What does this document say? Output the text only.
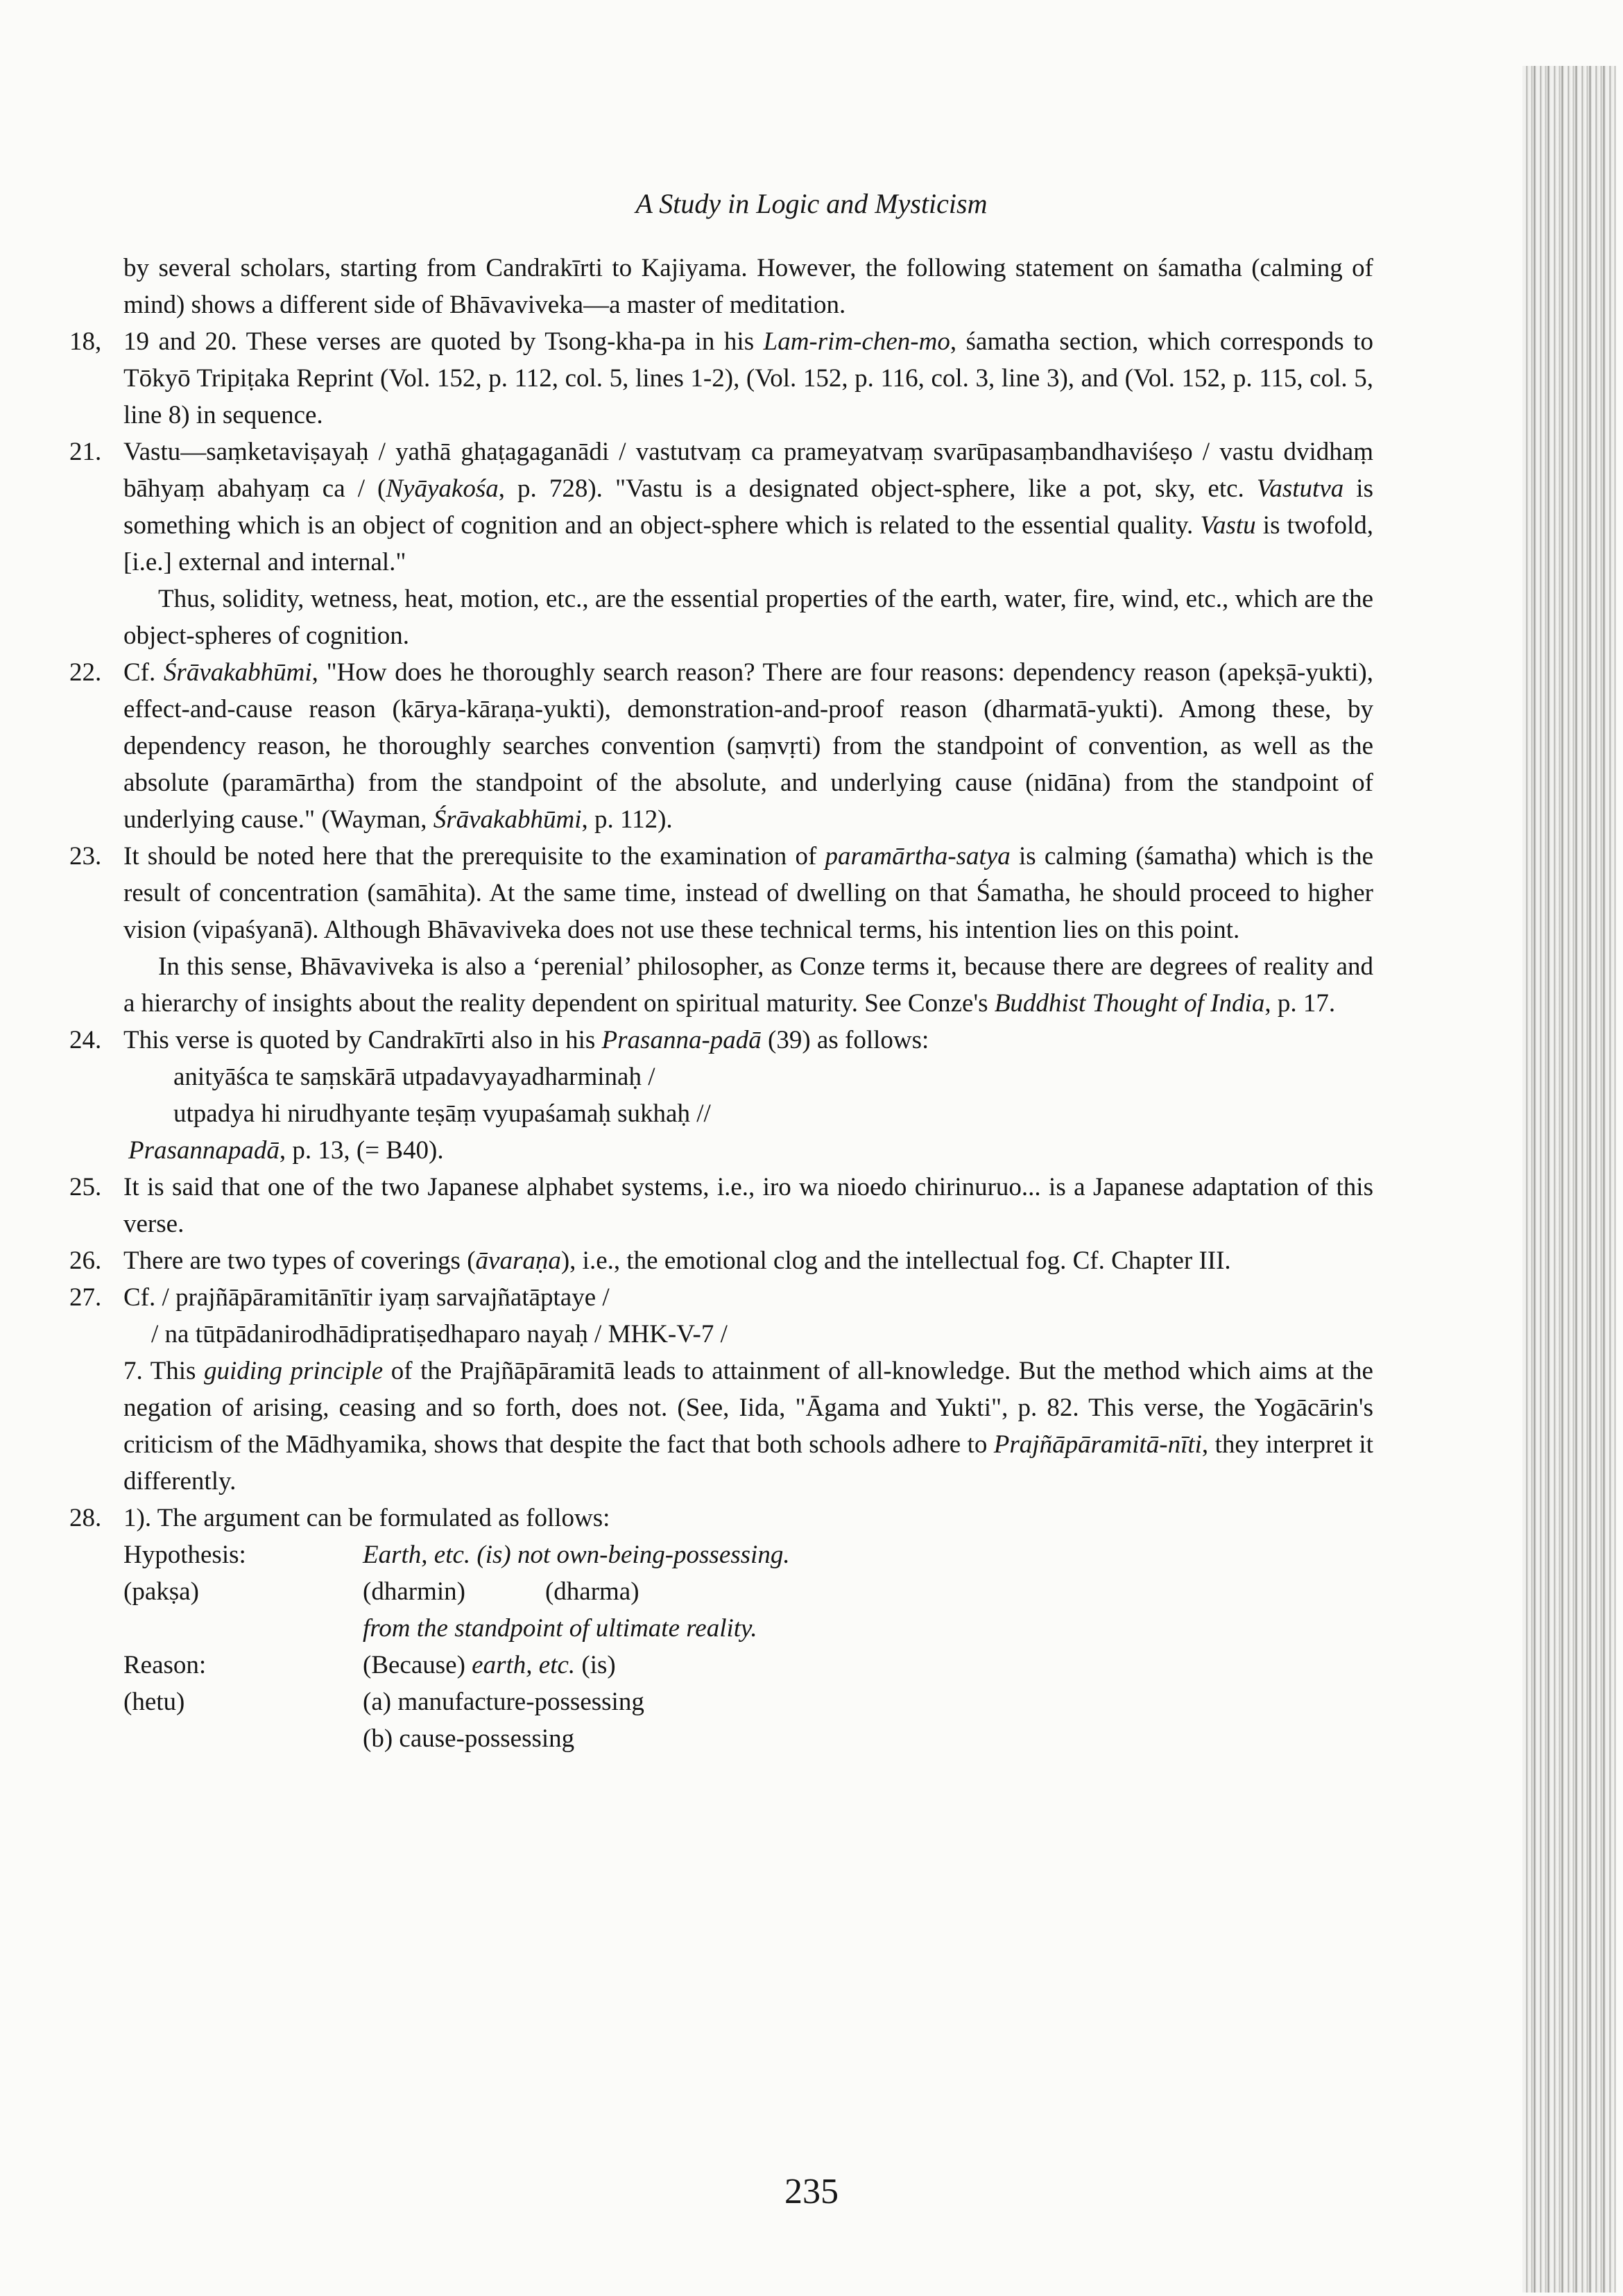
A Study in Logic and Mysticism

by several scholars, starting from Candrakīrti to Kajiyama. However, the following statement on śamatha (calming of mind) shows a different side of Bhāvaviveka—a master of meditation.

18, 19 and 20. These verses are quoted by Tsong-kha-pa in his Lam-rim-chen-mo, śamatha section, which corresponds to Tōkyō Tripiṭaka Reprint (Vol. 152, p. 112, col. 5, lines 1-2), (Vol. 152, p. 116, col. 3, line 3), and (Vol. 152, p. 115, col. 5, line 8) in sequence.

21. Vastu—saṃketaviṣayaḥ / yathā ghaṭagaganādi / vastutvaṃ ca prameyatvaṃ svarūpasaṃbandhaviśeṣo / vastu dvidhaṃ bāhyaṃ abahyaṃ ca / (Nyāyakośa, p. 728). "Vastu is a designated object-sphere, like a pot, sky, etc. Vastutva is something which is an object of cognition and an object-sphere which is related to the essential quality. Vastu is twofold, [i.e.] external and internal."

Thus, solidity, wetness, heat, motion, etc., are the essential properties of the earth, water, fire, wind, etc., which are the object-spheres of cognition.

22. Cf. Śrāvakabhūmi, "How does he thoroughly search reason? There are four reasons: dependency reason (apekṣā-yukti), effect-and-cause reason (kārya-kāraṇa-yukti), demonstration-and-proof reason (dharmatā-yukti). Among these, by dependency reason, he thoroughly searches convention (saṃvṛti) from the standpoint of convention, as well as the absolute (paramārtha) from the standpoint of the absolute, and underlying cause (nidāna) from the standpoint of underlying cause." (Wayman, Śrāvakabhūmi, p. 112).

23. It should be noted here that the prerequisite to the examination of paramārtha-satya is calming (śamatha) which is the result of concentration (samāhita). At the same time, instead of dwelling on that Śamatha, he should proceed to higher vision (vipaśyanā). Although Bhāvaviveka does not use these technical terms, his intention lies on this point.

In this sense, Bhāvaviveka is also a ‘perenial’ philosopher, as Conze terms it, because there are degrees of reality and a hierarchy of insights about the reality dependent on spiritual maturity. See Conze's Buddhist Thought of India, p. 17.

24. This verse is quoted by Candrakīrti also in his Prasanna-padā (39) as follows:

anityāśca te saṃskārā utpadavyayadharminaḥ /

utpadya hi nirudhyante teṣāṃ vyupaśamaḥ sukhaḥ //

Prasannapadā, p. 13, (= B40).

25. It is said that one of the two Japanese alphabet systems, i.e., iro wa nioedo chirinuruo... is a Japanese adaptation of this verse.

26. There are two types of coverings (āvaraṇa), i.e., the emotional clog and the intellectual fog. Cf. Chapter III.

27. Cf. / prajñāpāramitānītir iyaṃ sarvajñatāptaye /

/ na tūtpādanirodhādipratiṣedhaparo nayaḥ / MHK-V-7 /

7. This guiding principle of the Prajñāpāramitā leads to attainment of all-knowledge. But the method which aims at the negation of arising, ceasing and so forth, does not. (See, Iida, "Āgama and Yukti", p. 82. This verse, the Yogācārin's criticism of the Mādhyamika, shows that despite the fact that both schools adhere to Prajñāpāramitā-nīti, they interpret it differently.

28. 1). The argument can be formulated as follows:

Hypothesis:	Earth, etc. (is) not own-being-possessing.
(pakṣa)	(dharmin)	(dharma)
from the standpoint of ultimate reality.
Reason:	(Because) earth, etc. (is)
(hetu)	(a) manufacture-possessing
(b) cause-possessing
235
